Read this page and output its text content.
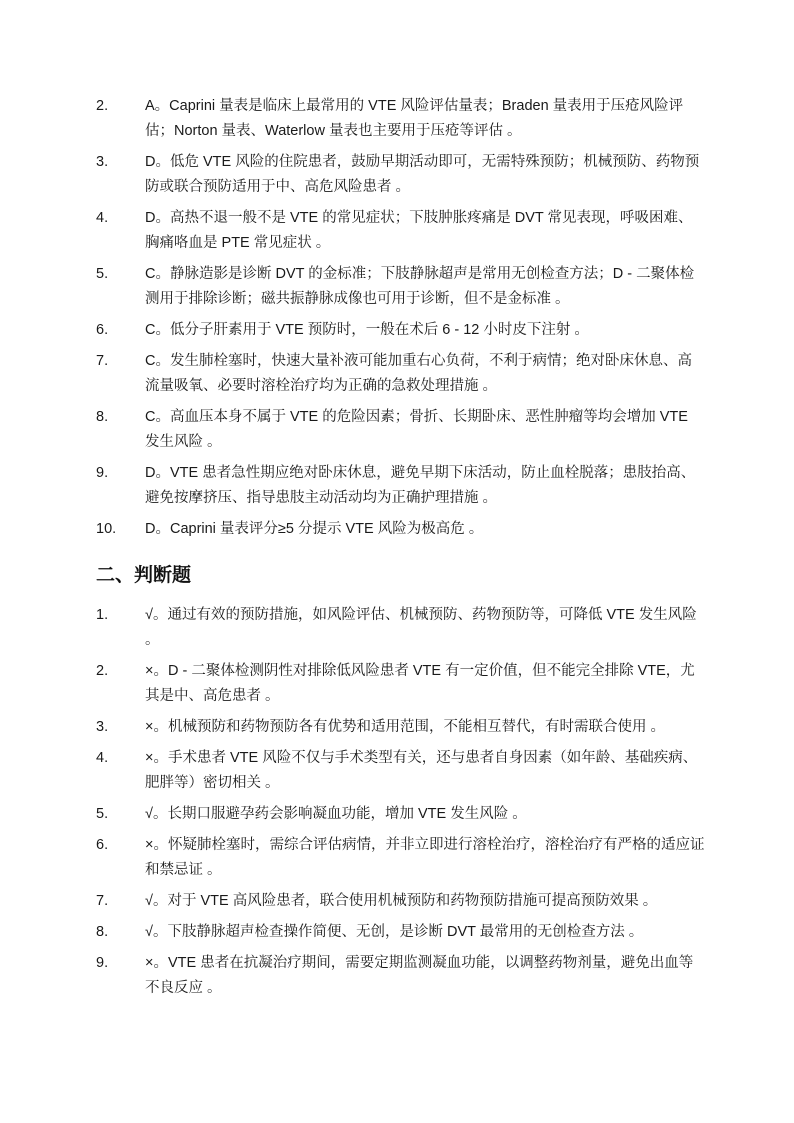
2.	A。Caprini 量表是临床上最常用的 VTE 风险评估量表；Braden 量表用于压疮风险评估；Norton 量表、Waterlow 量表也主要用于压疮等评估 。
3.	D。低危 VTE 风险的住院患者，鼓励早期活动即可，无需特殊预防；机械预防、药物预防或联合预防适用于中、高危风险患者 。
4.	D。高热不退一般不是 VTE 的常见症状；下肢肿胀疼痛是 DVT 常见表现，呼吸困难、胸痛咯血是 PTE 常见症状 。
5.	C。静脉造影是诊断 DVT 的金标准；下肢静脉超声是常用无创检查方法；D - 二聚体检测用于排除诊断；磁共振静脉成像也可用于诊断，但不是金标准 。
6.	C。低分子肝素用于 VTE 预防时，一般在术后 6 - 12 小时皮下注射 。
7.	C。发生肺栓塞时，快速大量补液可能加重右心负荷，不利于病情；绝对卧床休息、高流量吸氧、必要时溶栓治疗均为正确的急救处理措施 。
8.	C。高血压本身不属于 VTE 的危险因素；骨折、长期卧床、恶性肿瘤等均会增加 VTE 发生风险 。
9.	D。VTE 患者急性期应绝对卧床休息，避免早期下床活动，防止血栓脱落；患肢抬高、避免按摩挤压、指导患肢主动活动均为正确护理措施 。
10.	D。Caprini 量表评分≥5 分提示 VTE 风险为极高危 。
二、判断题
1.	√。通过有效的预防措施，如风险评估、机械预防、药物预防等，可降低 VTE 发生风险 。
2.	×。D - 二聚体检测阴性对排除低风险患者 VTE 有一定价值，但不能完全排除 VTE，尤其是中、高危患者 。
3.	×。机械预防和药物预防各有优势和适用范围，不能相互替代，有时需联合使用 。
4.	×。手术患者 VTE 风险不仅与手术类型有关，还与患者自身因素（如年龄、基础疾病、肥胖等）密切相关 。
5.	√。长期口服避孕药会影响凝血功能，增加 VTE 发生风险 。
6.	×。怀疑肺栓塞时，需综合评估病情，并非立即进行溶栓治疗，溶栓治疗有严格的适应证和禁忌证 。
7.	√。对于 VTE 高风险患者，联合使用机械预防和药物预防措施可提高预防效果 。
8.	√。下肢静脉超声检查操作简便、无创，是诊断 DVT 最常用的无创检查方法 。
9.	×。VTE 患者在抗凝治疗期间，需要定期监测凝血功能，以调整药物剂量，避免出血等不良反应 。
